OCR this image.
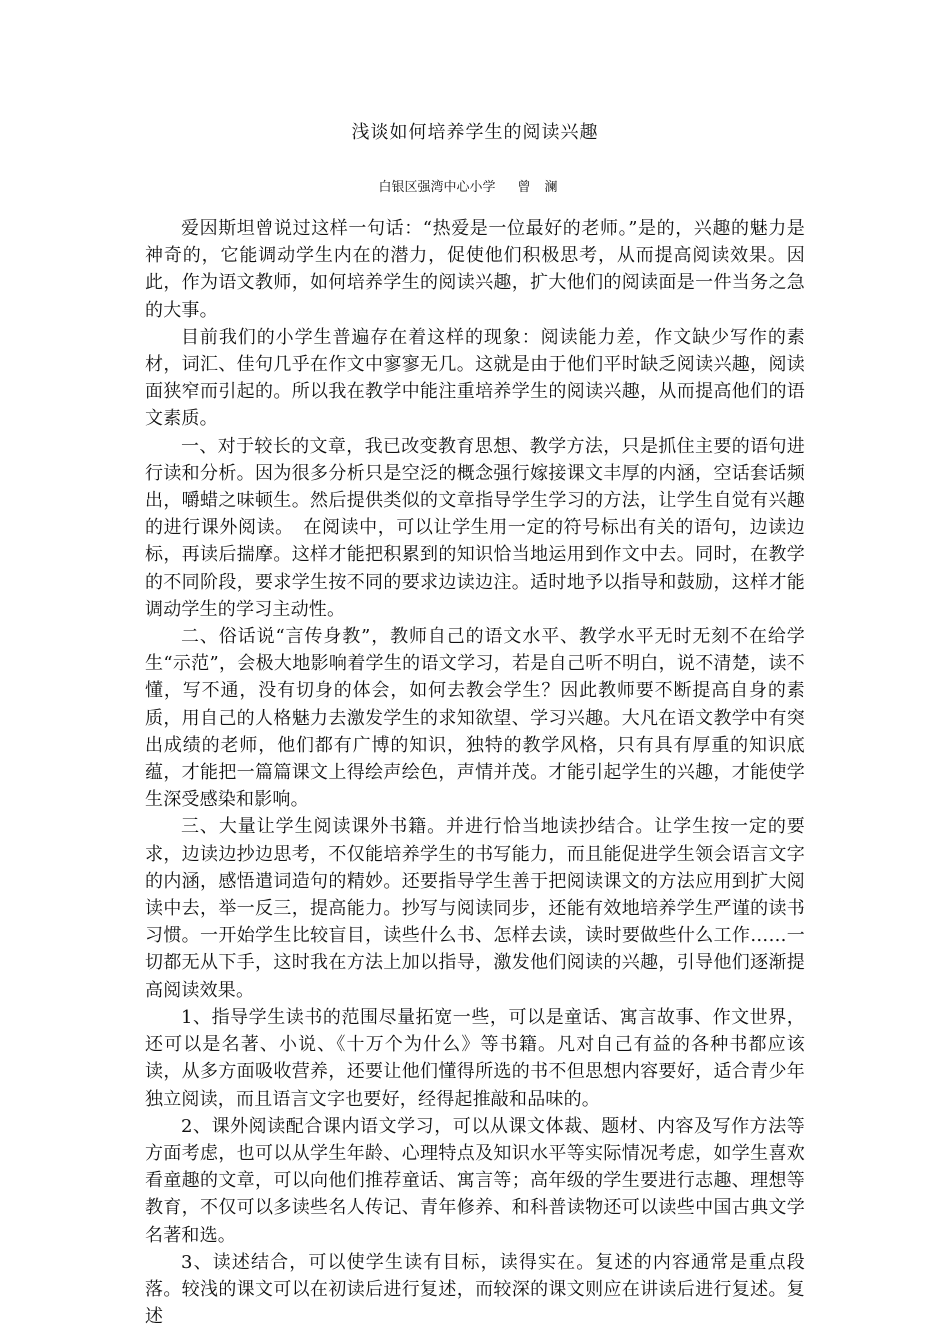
浅谈如何培养学生的阅读兴趣

白银区强湾中心小学 曾澜

爱因斯坦曾说过这样一句话：“热爱是一位最好的老师。”是的，兴趣的魅力是神奇的，它能调动学生内在的潜力，促使他们积极思考，从而提高阅读效果。因此，作为语文教师，如何培养学生的阅读兴趣，扩大他们的阅读面是一件当务之急的大事。

目前我们的小学生普遍存在着这样的现象：阅读能力差，作文缺少写作的素材，词汇、佳句几乎在作文中寥寥无几。这就是由于他们平时缺乏阅读兴趣，阅读面狭窄而引起的。所以我在教学中能注重培养学生的阅读兴趣，从而提高他们的语文素质。

一、对于较长的文章，我已改变教育思想、教学方法，只是抓住主要的语句进行读和分析。因为很多分析只是空泛的概念强行嫁接课文丰厚的内涵，空话套话频出，嚼蜡之味顿生。然后提供类似的文章指导学生学习的方法，让学生自觉有兴趣的进行课外阅读。　在阅读中，可以让学生用一定的符号标出有关的语句，边读边标，再读后揣摩。这样才能把积累到的知识恰当地运用到作文中去。同时，在教学的不同阶段，要求学生按不同的要求边读边注。适时地予以指导和鼓励，这样才能调动学生的学习主动性。

二、俗话说“言传身教”，教师自己的语文水平、教学水平无时无刻不在给学生“示范”，会极大地影响着学生的语文学习，若是自己听不明白，说不清楚，读不懂，写不通，没有切身的体会，如何去教会学生？因此教师要不断提高自身的素质，用自己的人格魅力去激发学生的求知欲望、学习兴趣。大凡在语文教学中有突出成绩的老师，他们都有广博的知识，独特的教学风格，只有具有厚重的知识底蕴，才能把一篇篇课文上得绘声绘色，声情并茂。才能引起学生的兴趣，才能使学生深受感染和影响。

三、大量让学生阅读课外书籍。并进行恰当地读抄结合。让学生按一定的要求，边读边抄边思考，不仅能培养学生的书写能力，而且能促进学生领会语言文字的内涵，感悟遣词造句的精妙。还要指导学生善于把阅读课文的方法应用到扩大阅读中去，举一反三，提高能力。抄写与阅读同步，还能有效地培养学生严谨的读书习惯。一开始学生比较盲目，读些什么书、怎样去读，读时要做些什么工作……一切都无从下手，这时我在方法上加以指导，激发他们阅读的兴趣，引导他们逐渐提高阅读效果。

1、指导学生读书的范围尽量拓宽一些，可以是童话、寓言故事、作文世界，还可以是名著、小说、《十万个为什么》等书籍。凡对自己有益的各种书都应该读，从多方面吸收营养，还要让他们懂得所选的书不但思想内容要好，适合青少年独立阅读，而且语言文字也要好，经得起推敲和品味的。

2、课外阅读配合课内语文学习，可以从课文体裁、题材、内容及写作方法等方面考虑，也可以从学生年龄、心理特点及知识水平等实际情况考虑，如学生喜欢看童趣的文章，可以向他们推荐童话、寓言等；高年级的学生要进行志趣、理想等教育，不仅可以多读些名人传记、青年修养、和科普读物还可以读些中国古典文学名著和选。

3、读述结合，可以使学生读有目标，读得实在。复述的内容通常是重点段落。较浅的课文可以在初读后进行复述，而较深的课文则应在讲读后进行复述。复述
